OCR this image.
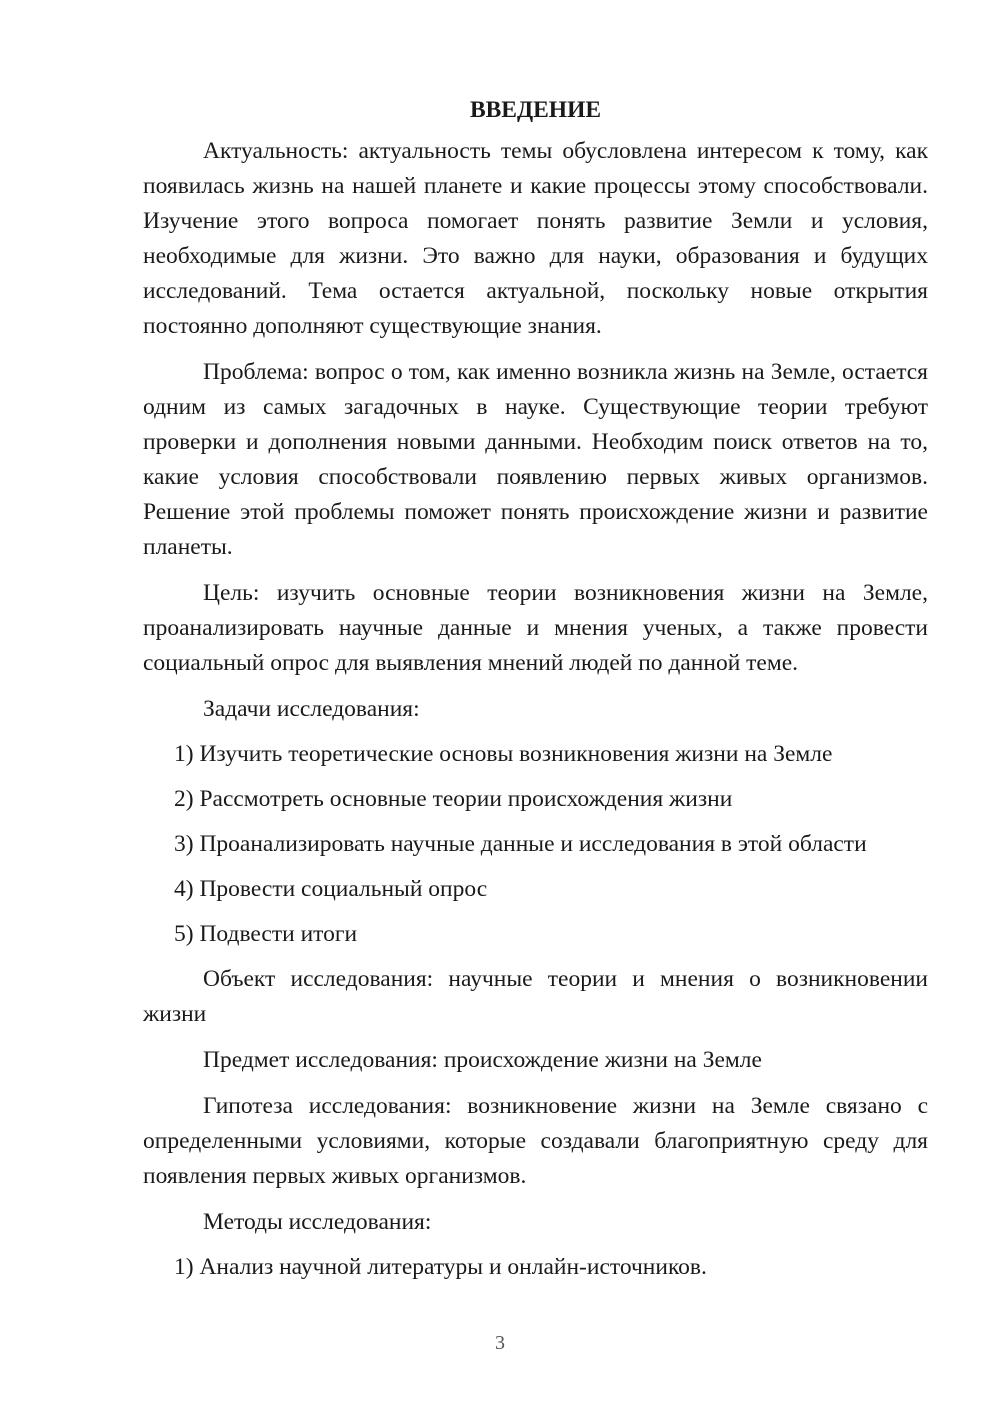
ВВЕДЕНИЕ
Актуальность: актуальность темы обусловлена интересом к тому, как появилась жизнь на нашей планете и какие процессы этому способствовали. Изучение этого вопроса помогает понять развитие Земли и условия, необходимые для жизни. Это важно для науки, образования и будущих исследований. Тема остается актуальной, поскольку новые открытия постоянно дополняют существующие знания.
Проблема: вопрос о том, как именно возникла жизнь на Земле, остается одним из самых загадочных в науке. Существующие теории требуют проверки и дополнения новыми данными. Необходим поиск ответов на то, какие условия способствовали появлению первых живых организмов. Решение этой проблемы поможет понять происхождение жизни и развитие планеты.
Цель: изучить основные теории возникновения жизни на Земле, проанализировать научные данные и мнения ученых, а также провести социальный опрос для выявления мнений людей по данной теме.
Задачи исследования:
1) Изучить теоретические основы возникновения жизни на Земле
2) Рассмотреть основные теории происхождения жизни
3) Проанализировать научные данные и исследования в этой области
4) Провести социальный опрос
5) Подвести итоги
Объект исследования: научные теории и мнения о возникновении жизни
Предмет исследования: происхождение жизни на Земле
Гипотеза исследования: возникновение жизни на Земле связано с определенными условиями, которые создавали благоприятную среду для появления первых живых организмов.
Методы исследования:
1) Анализ научной литературы и онлайн-источников.
3
